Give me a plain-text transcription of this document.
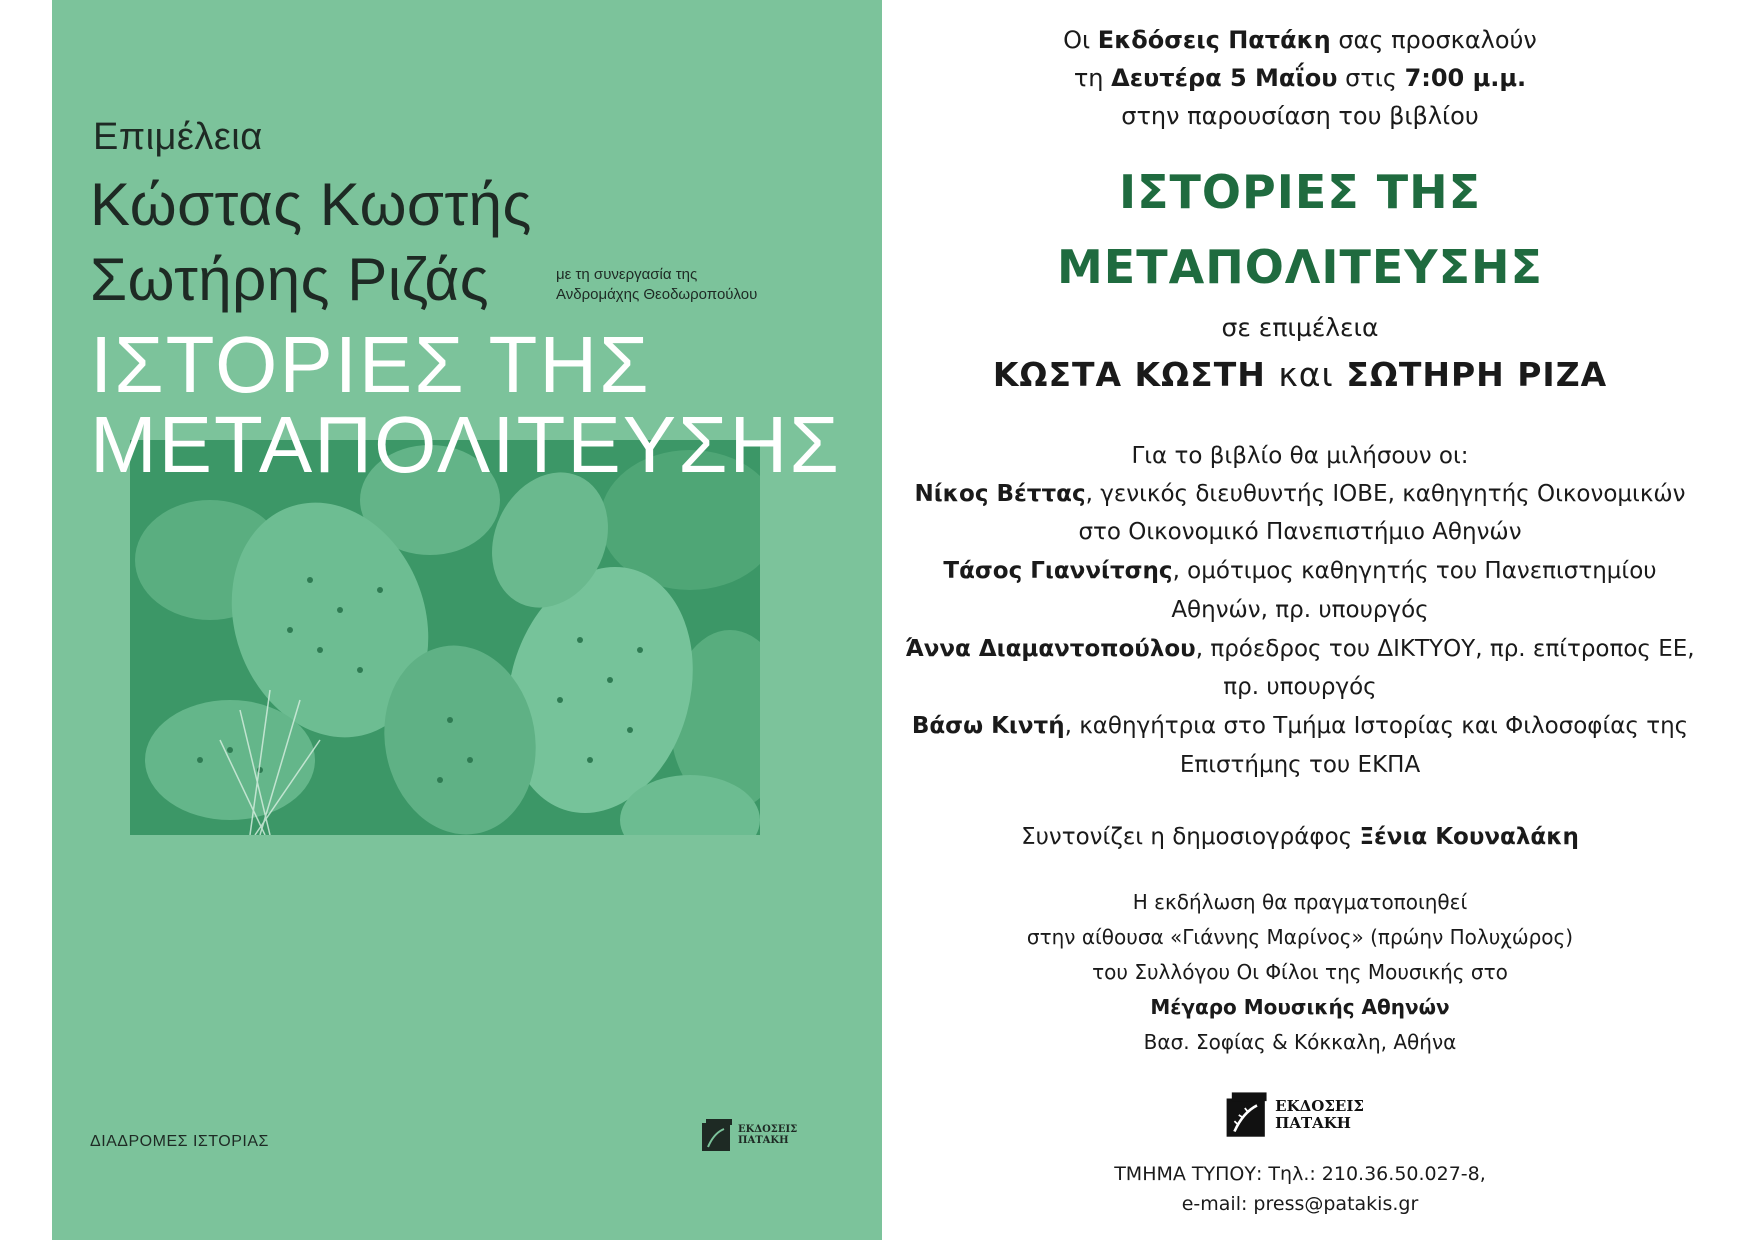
Επιμέλεια
Κώστας Κωστής
Σωτήρης Ριζάς	με τη συνεργασία της
Ανδρομάχης Θεοδωροπούλου
ΙΣΤΟΡΙΕΣ ΤΗΣ
ΜΕΤΑΠΟΛΙΤΕΥΣΗΣ
ΔΙΑΔΡΟΜΕΣ ΙΣΤΟΡΙΑΣ
ΕΚΔΟΣΕΙΣ
ΠΑΤΑΚΗ
Οι Εκδόσεις Πατάκη σας προσκαλούν
τη Δευτέρα 5 Μαΐου στις 7:00 μ.μ.
στην παρουσίαση του βιβλίου
ΙΣΤΟΡΙΕΣ ΤΗΣ
ΜΕΤΑΠΟΛΙΤΕΥΣΗΣ
σε επιμέλεια
ΚΩΣΤΑ ΚΩΣΤΗ και ΣΩΤΗΡΗ ΡΙΖΑ
Για το βιβλίο θα μιλήσουν οι:
Νίκος Βέττας, γενικός διευθυντής ΙΟΒΕ, καθηγητής Οικονομικών
στο Οικονομικό Πανεπιστήμιο Αθηνών
Τάσος Γιαννίτσης, ομότιμος καθηγητής του Πανεπιστημίου
Αθηνών, πρ. υπουργός
Άννα Διαμαντοπούλου, πρόεδρος του ΔΙΚΤΥΟΥ, πρ. επίτροπος ΕΕ,
πρ. υπουργός
Βάσω Κιντή, καθηγήτρια στο Τμήμα Ιστορίας και Φιλοσοφίας της
Επιστήμης του ΕΚΠΑ
Συντονίζει η δημοσιογράφος Ξένια Κουναλάκη
Η εκδήλωση θα πραγματοποιηθεί
στην αίθουσα «Γιάννης Μαρίνος» (πρώην Πολυχώρος)
του Συλλόγου Οι Φίλοι της Μουσικής στο
Μέγαρο Μουσικής Αθηνών
Βασ. Σοφίας & Κόκκαλη, Αθήνα
ΤΜΗΜΑ ΤΥΠΟΥ: Τηλ.: 210.36.50.027-8,
e-mail: press@patakis.gr
ΕΚΔΟΣΕΙΣ
ΠΑΤΑΚΗ
